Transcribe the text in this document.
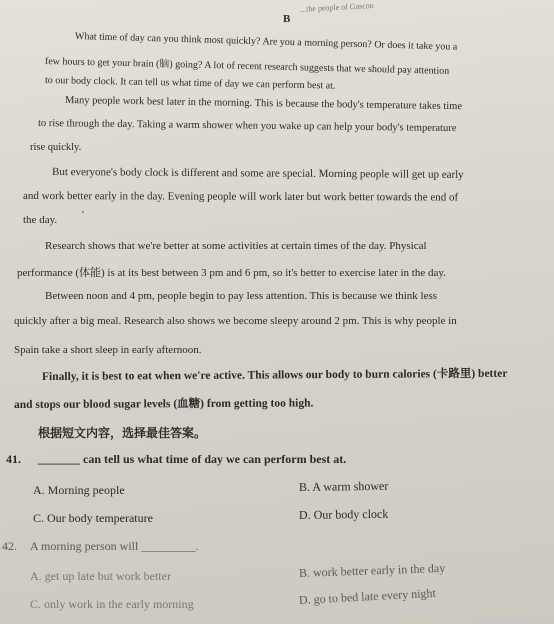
...the people of Gascon
B
What time of day can you think most quickly? Are you a morning person? Or does it take you a
few hours to get your brain (脑) going? A lot of recent research suggests that we should pay attention
to our body clock. It can tell us what time of day we can perform best at.
Many people work best later in the morning. This is because the body's temperature takes time
to rise through the day. Taking a warm shower when you wake up can help your body's temperature
rise quickly.
But everyone's body clock is different and some are special. Morning people will get up early
and work better early in the day. Evening people will work later but work better towards the end of
the day. '
Research shows that we're better at some activities at certain times of the day. Physical
performance (体能) is at its best between 3 pm and 6 pm, so it's better to exercise later in the day.
Between noon and 4 pm, people begin to pay less attention. This is because we think less
quickly after a big meal. Research also shows we become sleepy around 2 pm. This is why people in
Spain take a short sleep in early afternoon.
Finally, it is best to eat when we're active. This allows our body to burn calories (卡路里) better
and stops our blood sugar levels (血糖) from getting too high.
根据短文内容，选择最佳答案。
41. _______ can tell us what time of day we can perform best at.
A. Morning people	B. A warm shower
C. Our body temperature	D. Our body clock
42. A morning person will _________.
A. get up late but work better	B. work better early in the day
C. only work in the early morning	D. go to bed late every night
